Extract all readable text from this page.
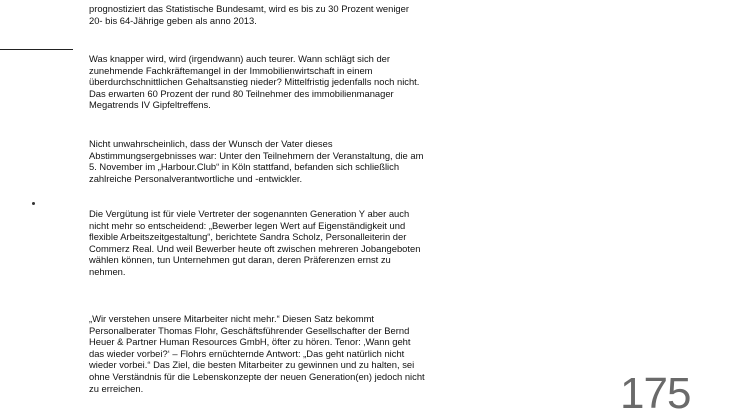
prognostiziert das Statistische Bundesamt, wird es bis zu 30 Prozent weniger
20- bis 64-Jährige geben als anno 2013.

Was knapper wird, wird (irgendwann) auch teurer. Wann schlägt sich der
zunehmende Fachkräftemangel in der Immobilienwirtschaft in einem
überdurchschnittlichen Gehaltsanstieg nieder? Mittelfristig jedenfalls noch nicht.
Das erwarten 60 Prozent der rund 80 Teilnehmer des immobilienmanager
Megatrends IV Gipfeltreffens.

Nicht unwahrscheinlich, dass der Wunsch der Vater dieses
Abstimmungsergebnisses war: Unter den Teilnehmern der Veranstaltung, die am
5. November im „Harbour.Club“ in Köln stattfand, befanden sich schließlich
zahlreiche Personalverantwortliche und -entwickler.

Die Vergütung ist für viele Vertreter der sogenannten Generation Y aber auch
nicht mehr so entscheidend: „Bewerber legen Wert auf Eigenständigkeit und
flexible Arbeitszeitgestaltung“, berichtete Sandra Scholz, Personalleiterin der
Commerz Real. Und weil Bewerber heute oft zwischen mehreren Jobangeboten
wählen können, tun Unternehmen gut daran, deren Präferenzen ernst zu
nehmen.

„Wir verstehen unsere Mitarbeiter nicht mehr.“ Diesen Satz bekommt
Personalberater Thomas Flohr, Geschäftsführender Gesellschafter der Bernd
Heuer & Partner Human Resources GmbH, öfter zu hören. Tenor: ‚Wann geht
das wieder vorbei?‘ – Flohrs ernüchternde Antwort: „Das geht natürlich nicht
wieder vorbei.“ Das Ziel, die besten Mitarbeiter zu gewinnen und zu halten, sei
ohne Verständnis für die Lebenskonzepte der neuen Generation(en) jedoch nicht
zu erreichen.	175
